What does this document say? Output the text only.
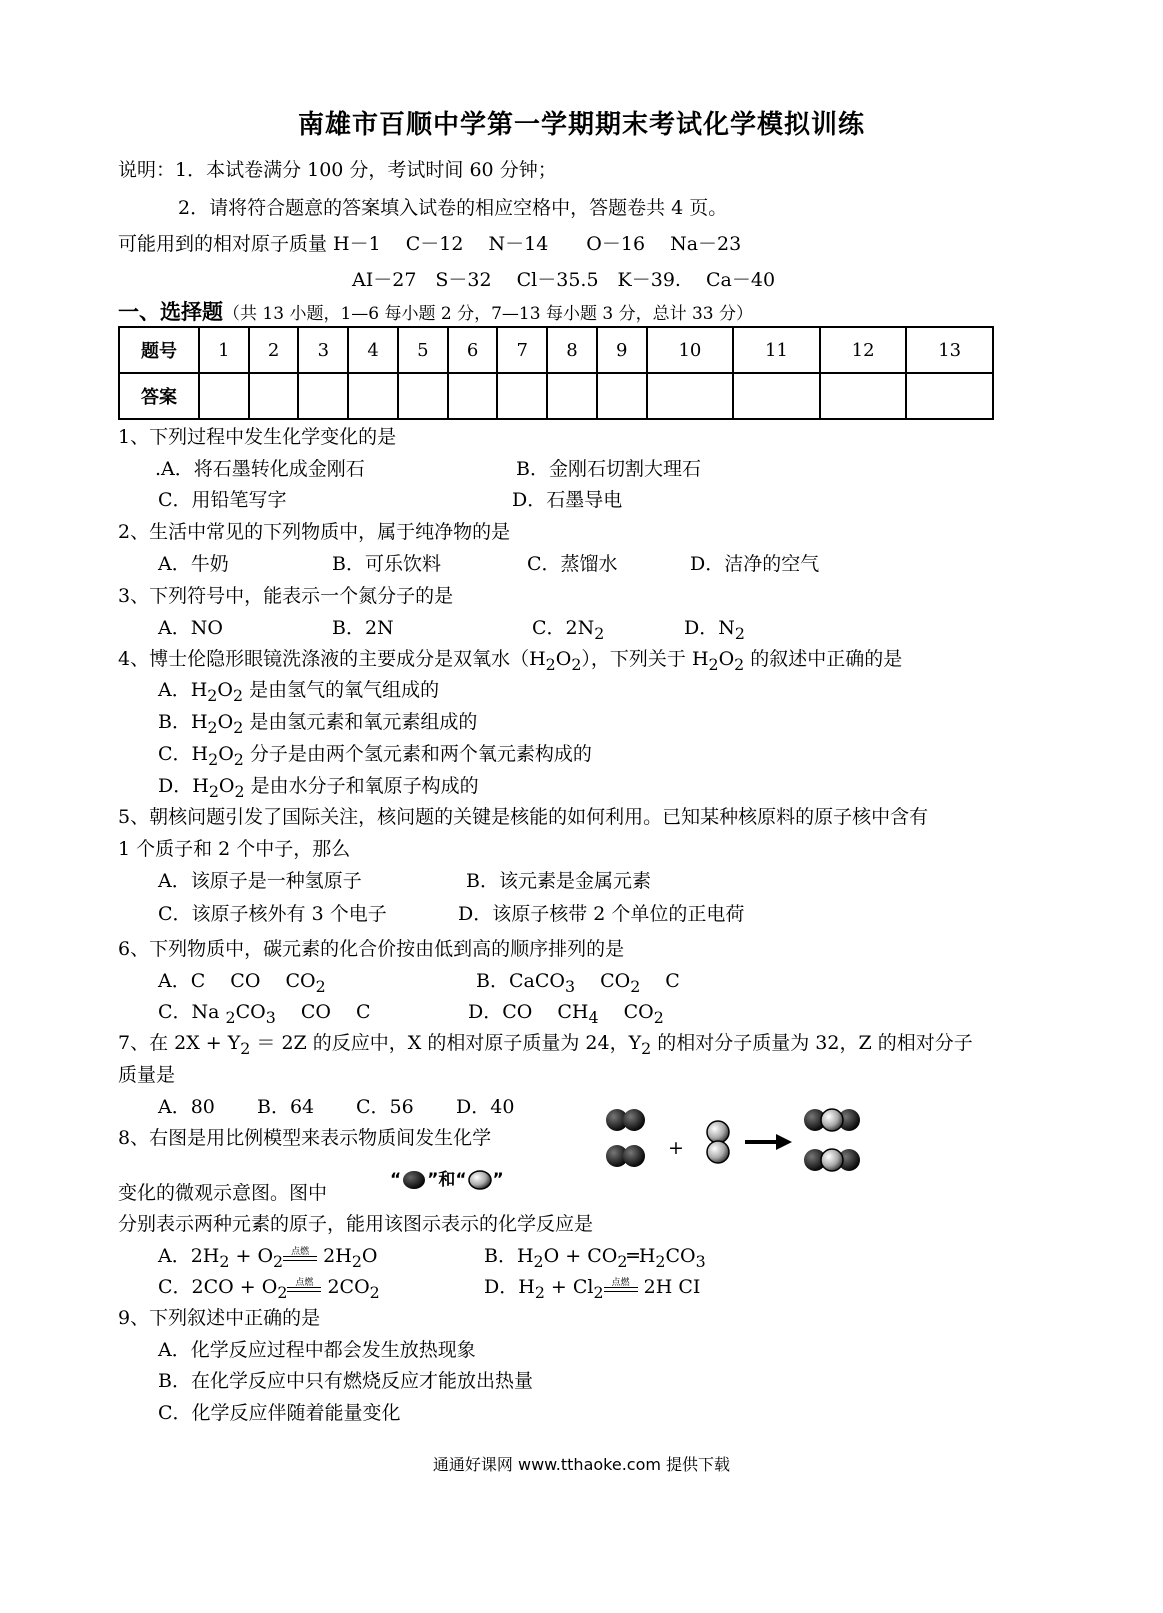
南雄市百顺中学第一学期期末考试化学模拟训练
说明：1．本试卷满分 100 分，考试时间 60 分钟；
2．请将符合题意的答案填入试卷的相应空格中，答题卷共 4 页。
可能用到的相对原子质量 H－1　 C－12　 N－14　　O－16　 Na－23
AI－27　S－32　 Cl－35.5　K－39.　 Ca－40
一、选择题（共 13 小题，1—6 每小题 2 分，7—13 每小题 3 分，总计 33 分）
题号	1	2	3	4	5	6	7	8	9	10	11	12	13
答案													
1、下列过程中发生化学变化的是
.A．将石墨转化成金刚石	B．金刚石切割大理石
C．用铅笔写字	D．石墨导电
2、生活中常见的下列物质中，属于纯净物的是
A．牛奶	B．可乐饮料	C．蒸馏水	D．洁净的空气
3、下列符号中，能表示一个氮分子的是
A．NO	B．2N	C．$2N_2$	D．$N_2$
4、博士伦隐形眼镜洗涤液的主要成分是双氧水$(H_2O_2)$，下列关于 $H_2O_2$ 的叙述中正确的是
A．$H_2O_2$ 是由氢气的氧气组成的
B．$H_2O_2$ 是由氢元素和氧元素组成的
C．$H_2O_2$ 分子是由两个氢元素和两个氧元素构成的
D．$H_2O_2$ 是由水分子和氧原子构成的
5、朝核问题引发了国际关注，核问题的关键是核能的如何利用。已知某种核原料的原子核中含有
1 个质子和 2 个中子，那么
A．该原子是一种氢原子	B．该元素是金属元素
C．该原子核外有 3 个电子	D．该原子核带 2 个单位的正电荷
6、下列物质中，碳元素的化合价按由低到高的顺序排列的是
A．C　 CO　 $CO_2$	B．CaCO$_3$　 $CO_2$　 C
C．Na $_2CO_3$　 CO　 C	D．CO　 $CH_4$　 $CO_2$
7、在 $2X + Y_2 = 2Z$ 的反应中，X 的相对原子质量为 24，$Y_2$ 的相对分子质量为 32，Z 的相对分子
质量是
A．80 B．64 C．56 D．40
8、右图是用比例模型来表示物质间发生化学
变化的微观示意图。图中
“ ”和“ ”
+
分别表示两种元素的原子，能用该图示表示的化学反应是
A．$2H_2 + O_2$
点燃 $2H_2O$	B．$H_2O$ + $CO_2═H_2CO_3$
C．$2CO + O_2$
点燃 $2CO_2$	D．$H_2 + Cl_2$
点燃 2H CI
9、下列叙述中正确的是
A．化学反应过程中都会发生放热现象
B．在化学反应中只有燃烧反应才能放出热量
C．化学反应伴随着能量变化
通通好课网 www.tthaoke.com 提供下载
